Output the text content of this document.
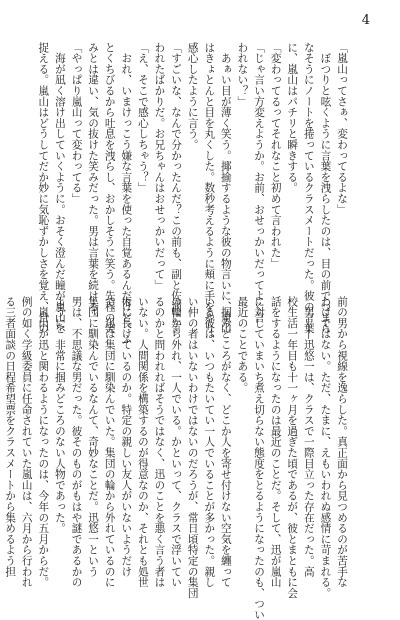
4
「嵐山ってさぁ、変わってるよな」
　ぼつりと呟くように言葉を洩らしたのは、目の前でつまら
なそうにノートを捲っているクラスメートだった。彼の言葉
に、嵐山はパチリと瞬きする。
「変わってるってそれなこと初めて言われた」
「じゃ言い方変えようか。お前、おせっかいだってよく言
われない？」
　あぁい目が薄く笑う。揶揄するような彼の物言いに、嵐山
はきょとんと目を丸くした。数秒考えるように頬に手をやり、
感心したように言う。
「すごいな、なんで分かったんだ？この前も、副と佐浦に言
われたばかりだ。お兄ちゃんはおせっかいだって」
「え、そこで感心しちゃう？」
　おれ、いまけっこう嫌な言葉を使った自覚あるんだけど。ふ
とくちびるから吐息を洩らし、おかしそうに笑う。先程の笑
みとは違い、気の抜けた笑みだった。男は言葉を続ける。
「やっぱり嵐山って変わってる」
　海が凪く溶け出していくように。おそく澄んだ瞳が嵐山を
捉える。嵐山はどうしてだか妙に気恥ずかしさを覚え、目の
前の男から視線を逸らした。真正面から見つめるのが苦手な
わけではない。ただ、たまに、えもいわれぬ感情に苛まれる。
　男――迅悠一は、クラスで一際目立った存在だった。高
校生活一年目も十一ヶ月を過ぎた頃であるが、彼とまともに会
話をするようになったのは最近のことだ。そして、迅が嵐山
に対していまいち煮え切らない態度をとるようになったのも、つい
最近のことである。
　掴みどころがなく、どこか人を寄せ付けない空気を纏って
いる彼は、いつもたいてい一人でいることが多かった。親し
い仲の者はいないわけではないのだろうが、常日頃特定の集団
の輪から外れ、一人でいる。かといって、クラスで浮いてい
るのかと問われればそうではなく、迅のことを悪く言う者は
いない。人間関係を構築するのが得意なのか、それとも処世
術に長けているのか。特定の親しい友人がいないようだけ
で、迅は集団に馴染んでいた。集団の輪から外れているのに
集団に馴染んでいるなんて、奇妙なことだ。迅悠一という
男は、不思議な男だった。彼そのものがもはや謎であるかの
ように、非常に掴みどころのない人物であった。
　嵐山が迅と関わるようになったのは、今年の五月からだ。
例の如く学級委員に任命されていた嵐山は、六月から行われ
る三者面談の日程希望票をクラスメートから集めるよう担
